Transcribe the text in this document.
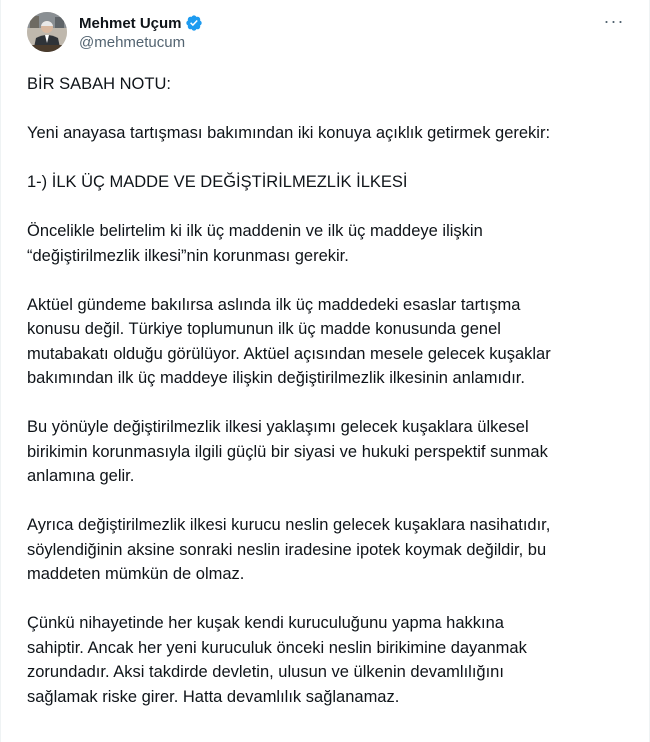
Mehmet Uçum
@mehmetucum
···

BİR SABAH NOTU:

Yeni anayasa tartışması bakımından iki konuya açıklık getirmek gerekir:

1-) İLK ÜÇ MADDE VE DEĞİŞTİRİLMEZLİK İLKESİ

Öncelikle belirtelim ki ilk üç maddenin ve ilk üç maddeye ilişkin
“değiştirilmezlik ilkesi”nin korunması gerekir.

Aktüel gündeme bakılırsa aslında ilk üç maddedeki esaslar tartışma
konusu değil. Türkiye toplumunun ilk üç madde konusunda genel
mutabakatı olduğu görülüyor. Aktüel açısından mesele gelecek kuşaklar
bakımından ilk üç maddeye ilişkin değiştirilmezlik ilkesinin anlamıdır.

Bu yönüyle değiştirilmezlik ilkesi yaklaşımı gelecek kuşaklara ülkesel
birikimin korunmasıyla ilgili güçlü bir siyasi ve hukuki perspektif sunmak
anlamına gelir.

Ayrıca değiştirilmezlik ilkesi kurucu neslin gelecek kuşaklara nasihatıdır,
söylendiğinin aksine sonraki neslin iradesine ipotek koymak değildir, bu
maddeten mümkün de olmaz.

Çünkü nihayetinde her kuşak kendi kuruculuğunu yapma hakkına
sahiptir. Ancak her yeni kuruculuk önceki neslin birikimine dayanmak
zorundadır. Aksi takdirde devletin, ulusun ve ülkenin devamlılığını
sağlamak riske girer. Hatta devamlılık sağlanamaz.
